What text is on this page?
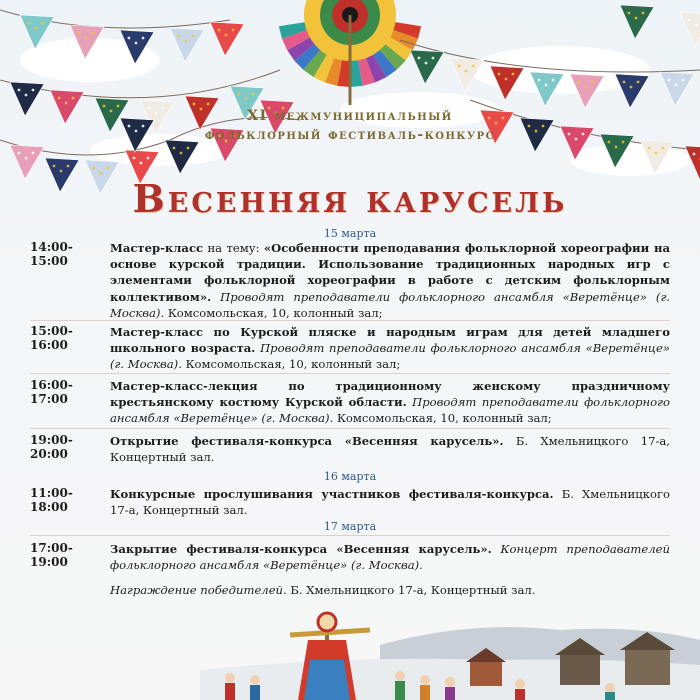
XI межмуниципальный
фольклорный фестиваль-конкурс
Весенняя карусель
15 марта
14:00-15:00
Мастер-класс на тему: «Особенности преподавания фольклорной хореографии на основе курской традиции. Использование традиционных народных игр с элементами фольклорной хореографии в работе с детским фольклорным коллективом». Проводят преподаватели фольклорного ансамбля «Веретёнце» (г. Москва). Комсомольская, 10, колонный зал;
15:00-16:00
Мастер-класс по Курской пляске и народным играм для детей младшего школьного возраста. Проводят преподаватели фольклорного ансамбля «Веретёнце» (г. Москва). Комсомольская, 10, колонный зал;
16:00-17:00
Мастер-класс-лекция по традиционному женскому праздничному крестьянскому костюму Курской области. Проводят преподаватели фольклорного ансамбля «Веретёнце» (г. Москва). Комсомольская, 10, колонный зал;
19:00-20:00
Открытие фестиваля-конкурса «Весенняя карусель». Б. Хмельницкого 17-а, Концертный зал.
16 марта
11:00-18:00
Конкурсные прослушивания участников фестиваля-конкурса. Б. Хмельницкого 17-а, Концертный зал.
17 марта
17:00-19:00
Закрытие фестиваля-конкурса «Весенняя карусель». Концерт преподавателей фольклорного ансамбля «Веретёнце» (г. Москва).
Награждение победителей. Б. Хмельницкого 17-а, Концертный зал.
